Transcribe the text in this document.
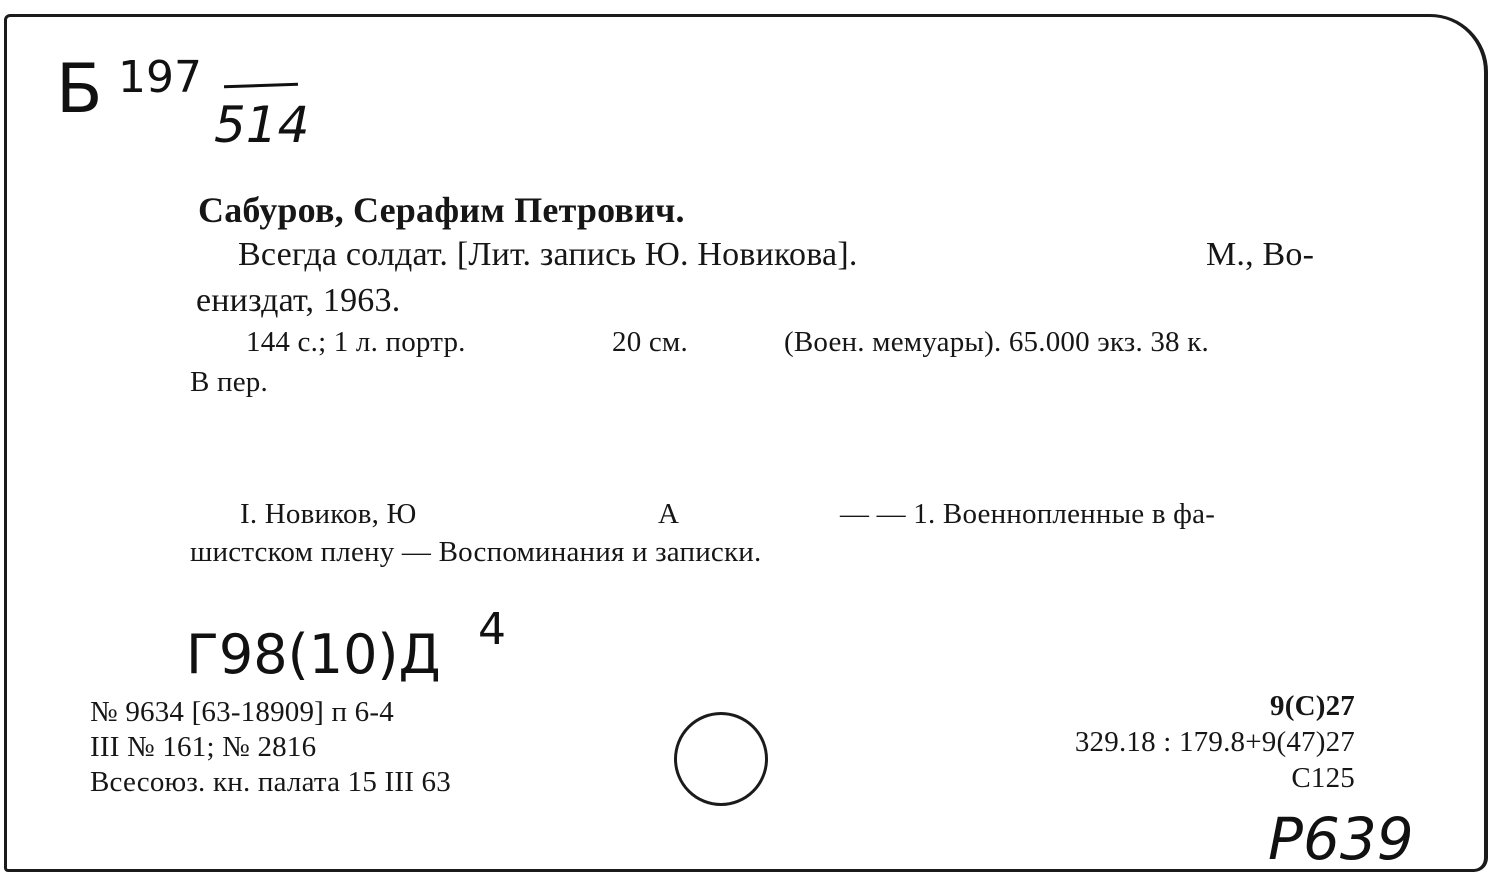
Б 197
514
Сабуров, Серафим Петрович.
Всегда солдат. [Лит. запись Ю. Новикова].	М., Во-
ениздат, 1963.
144 с.; 1 л. портр.	20 см.	(Воен. мемуары). 65.000 экз. 38 к.
В пер.
I. Новиков, Ю	А	— — 1. Военнопленные в фа-
шистском плену — Воспоминания и записки.
Г98(10)Д 4
№ 9634 [63-18909] п 6-4
III № 161; № 2816
Всесоюз. кн. палата 15 III 63
9(С)27
329.18 : 179.8+9(47)27
С125
Р639
